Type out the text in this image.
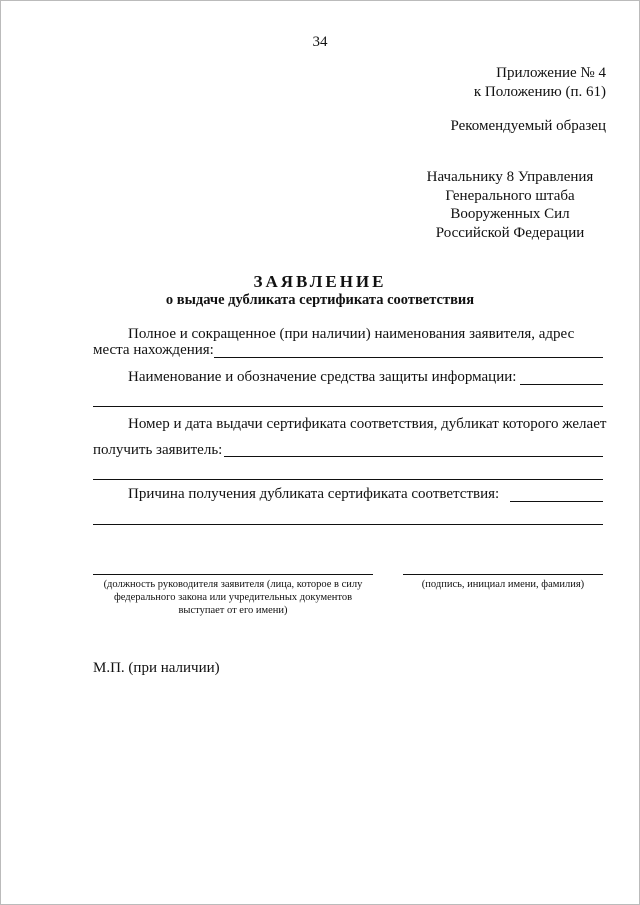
34
Приложение № 4
к Положению (п. 61)
Рекомендуемый образец
Начальнику 8 Управления
Генерального штаба
Вооруженных Сил
Российской Федерации
ЗАЯВЛЕНИЕ
о выдаче дубликата сертификата соответствия
Полное и сокращенное (при наличии) наименования заявителя, адрес
места нахождения:
Наименование и обозначение средства защиты информации:
Номер и дата выдачи сертификата соответствия, дубликат которого желает
получить заявитель:
Причина получения дубликата сертификата соответствия:
(должность руководителя заявителя (лица, которое в силу
федерального закона или учредительных документов
выступает от его имени)
(подпись, инициал имени, фамилия)
М.П. (при наличии)
